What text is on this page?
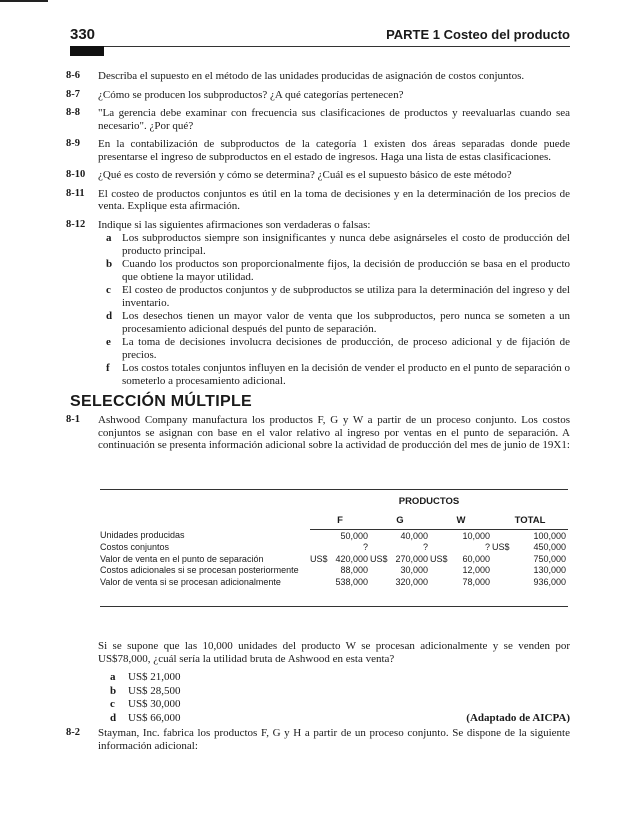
330	PARTE 1 Costeo del producto
8-6	Describa el supuesto en el método de las unidades producidas de asignación de costos conjuntos.
8-7	¿Cómo se producen los subproductos? ¿A qué categorías pertenecen?
8-8	"La gerencia debe examinar con frecuencia sus clasificaciones de productos y reevaluarlas cuando sea necesario". ¿Por qué?
8-9	En la contabilización de subproductos de la categoría 1 existen dos áreas separadas donde puede presentarse el ingreso de subproductos en el estado de ingresos. Haga una lista de estas clasificaciones.
8-10	¿Qué es costo de reversión y cómo se determina? ¿Cuál es el supuesto básico de este método?
8-11	El costeo de productos conjuntos es útil en la toma de decisiones y en la determinación de los precios de venta. Explique esta afirmación.
8-12	Indique si las siguientes afirmaciones son verdaderas o falsas:
a Los subproductos siempre son insignificantes y nunca debe asignárseles el costo de producción del producto principal.
b Cuando los productos son proporcionalmente fijos, la decisión de producción se basa en el producto que obtiene la mayor utilidad.
c	El costeo de productos conjuntos y de subproductos se utiliza para la determinación del ingreso y del inventario.
d Los desechos tienen un mayor valor de venta que los subproductos, pero nunca se someten a un procesamiento adicional después del punto de separación.
e	La toma de decisiones involucra decisiones de producción, de proceso adicional y de fijación de precios.
f	Los costos totales conjuntos influyen en la decisión de vender el producto en el punto de separación o someterlo a procesamiento adicional.
SELECCIÓN MÚLTIPLE
8-1	Ashwood Company manufactura los productos F, G y W a partir de un proceso conjunto. Los costos conjuntos se asignan con base en el valor relativo al ingreso por ventas en el punto de separación. A continuación se presenta información adicional sobre la actividad de producción del mes de junio de 19X1:
PRODUCTOS
	F		G		W		TOTAL	
Unidades producidas		50,000		40,000		10,000		100,000
Costos conjuntos		?		?		?	US$	450,000
Valor de venta en el punto de separación	US$	420,000	US$	270,000	US$	60,000		750,000
Costos adicionales si se procesan posteriormente		88,000		30,000		12,000		130,000
Valor de venta si se procesan adicionalmente		538,000		320,000		78,000		936,000
Si se supone que las 10,000 unidades del producto W se procesan adicionalmente y se venden por US$78,000, ¿cuál sería la utilidad bruta de Ashwood en esta venta?
a	US$ 21,000
b	US$ 28,500
c	US$ 30,000
d	US$ 66,000	(Adaptado de AICPA)
8-2	Stayman, Inc. fabrica los productos F, G y H a partir de un proceso conjunto. Se dispone de la siguiente información adicional:
